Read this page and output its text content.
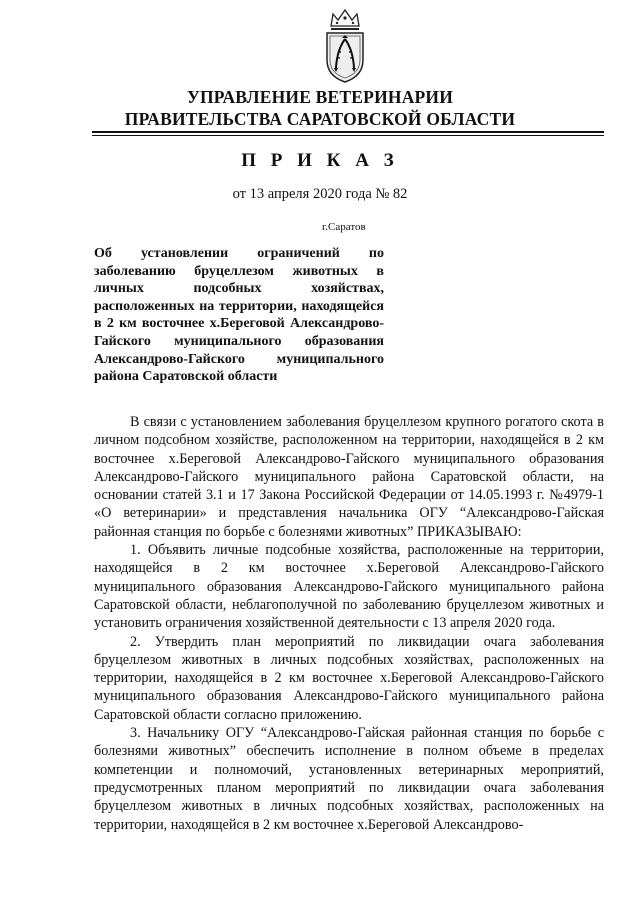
УПРАВЛЕНИЕ ВЕТЕРИНАРИИ
ПРАВИТЕЛЬСТВА САРАТОВСКОЙ ОБЛАСТИ
П Р И К А З
от 13 апреля 2020 года № 82
г.Саратов
Об установлении ограничений по заболеванию бруцеллезом животных в личных подсобных хозяйствах, расположенных на территории, находящейся в 2 км восточнее х.Береговой Александрово-Гайского муниципального образования Александрово-Гайского муниципального района Саратовской области

В связи с установлением заболевания бруцеллезом крупного рогатого скота в личном подсобном хозяйстве, расположенном на территории, находящейся в 2 км восточнее х.Береговой Александрово-Гайского муниципального образования Александрово-Гайского муниципального района Саратовской области, на основании статей 3.1 и 17 Закона Российской Федерации от 14.05.1993 г. №4979-1 «О ветеринарии» и представления начальника ОГУ “Александрово-Гайская районная станция по борьбе с болезнями животных” ПРИКАЗЫВАЮ:

1. Объявить личные подсобные хозяйства, расположенные на территории, находящейся в 2 км восточнее х.Береговой Александрово-Гайского муниципального образования Александрово-Гайского муниципального района Саратовской области, неблагополучной по заболеванию бруцеллезом животных и установить ограничения хозяйственной деятельности с 13 апреля 2020 года.

2. Утвердить план мероприятий по ликвидации очага заболевания бруцеллезом животных в личных подсобных хозяйствах, расположенных на территории, находящейся в 2 км восточнее х.Береговой Александрово-Гайского муниципального образования Александрово-Гайского муниципального района Саратовской области согласно приложению.

3. Начальнику ОГУ “Александрово-Гайская районная станция по борьбе с болезнями животных” обеспечить исполнение в полном объеме в пределах компетенции и полномочий, установленных ветеринарных мероприятий, предусмотренных планом мероприятий по ликвидации очага заболевания бруцеллезом животных в личных подсобных хозяйствах, расположенных на территории, находящейся в 2 км восточнее х.Береговой Александрово-
